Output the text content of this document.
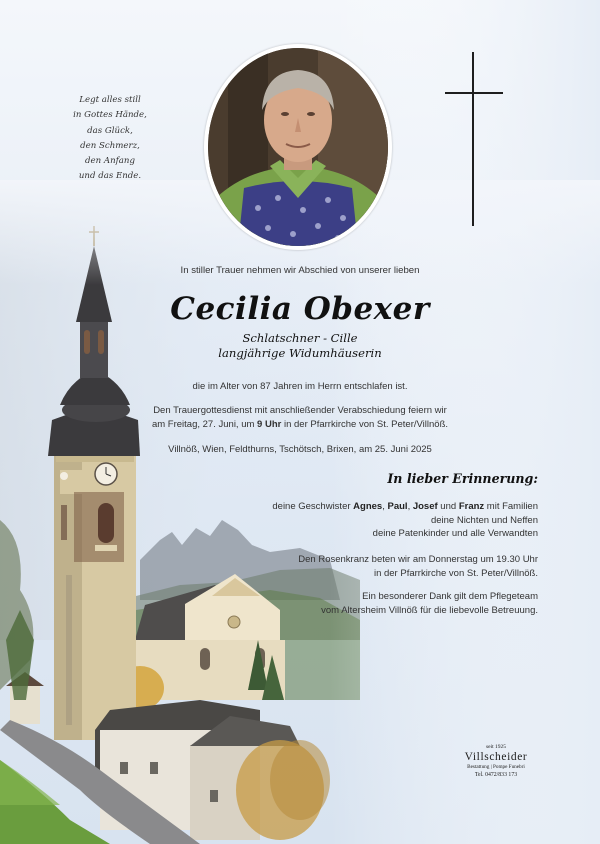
Legt alles still
in Gottes Hände,
das Glück,
den Schmerz,
den Anfang
und das Ende.
In stiller Trauer nehmen wir Abschied von unserer lieben
Cecilia Obexer
Schlatschner - Cille
langjährige Widumhäuserin
die im Alter von 87 Jahren im Herrn entschlafen ist.
Den Trauergottesdienst mit anschließender Verabschiedung feiern wir
am Freitag, 27. Juni, um 9 Uhr in der Pfarrkirche von St. Peter/Villnöß.
Villnöß, Wien, Feldthurns, Tschötsch, Brixen, am 25. Juni 2025
In lieber Erinnerung:
deine Geschwister Agnes, Paul, Josef und Franz mit Familien
deine Nichten und Neffen
deine Patenkinder und alle Verwandten
Den Rosenkranz beten wir am Donnerstag um 19.30 Uhr
in der Pfarrkirche von St. Peter/Villnöß.
Ein besonderer Dank gilt dem Pflegeteam
vom Altersheim Villnöß für die liebevolle Betreuung.
seit 1925
Villscheider
Bestattung | Pompe Funebri
Tel. 0472/833 173
